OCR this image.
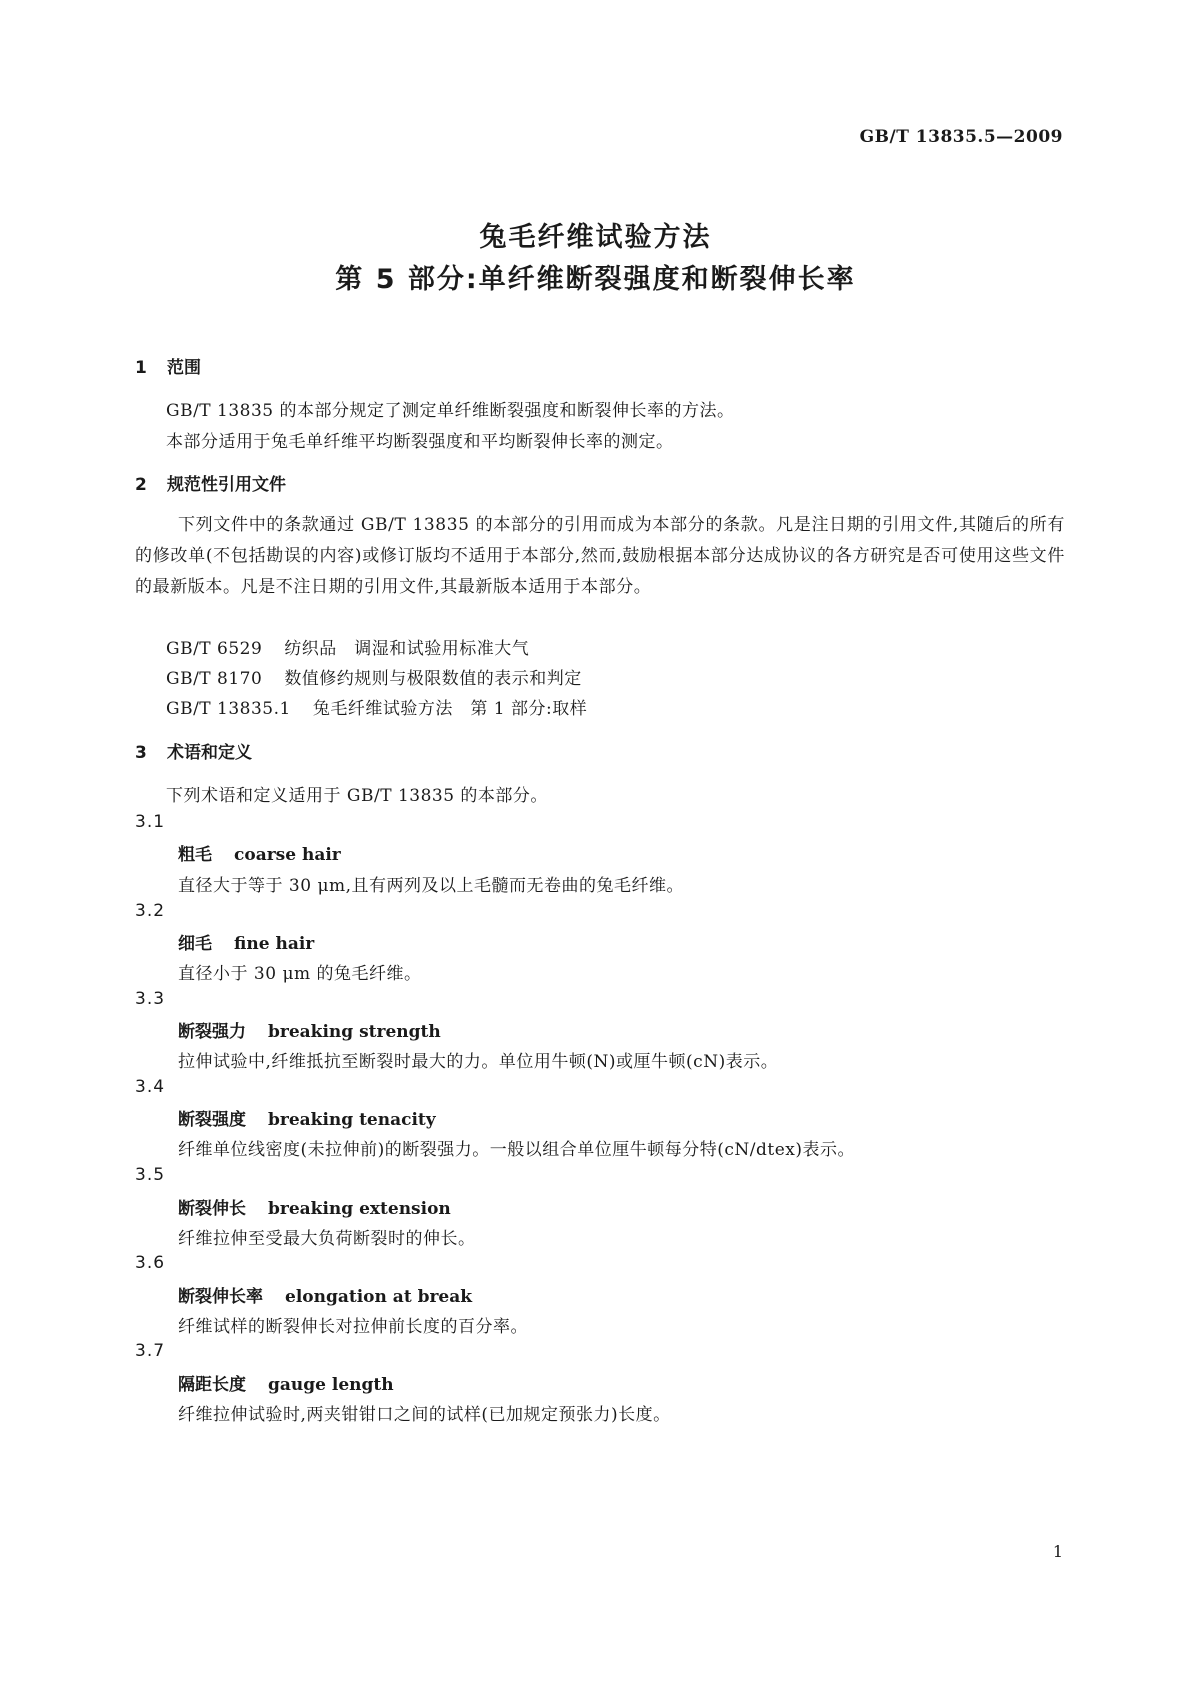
GB/T 13835.5—2009
兔毛纤维试验方法
第 5 部分:单纤维断裂强度和断裂伸长率
1 范围
GB/T 13835 的本部分规定了测定单纤维断裂强度和断裂伸长率的方法。
本部分适用于兔毛单纤维平均断裂强度和平均断裂伸长率的测定。
2 规范性引用文件

下列文件中的条款通过 GB/T 13835 的本部分的引用而成为本部分的条款。凡是注日期的引用文件,其随后的所有的修改单(不包括勘误的内容)或修订版均不适用于本部分,然而,鼓励根据本部分达成协议的各方研究是否可使用这些文件的最新版本。凡是不注日期的引用文件,其最新版本适用于本部分。

GB/T 6529 纺织品　调湿和试验用标准大气
GB/T 8170 数值修约规则与极限数值的表示和判定
GB/T 13835.1 兔毛纤维试验方法　第 1 部分:取样
3 术语和定义
下列术语和定义适用于 GB/T 13835 的本部分。
3.1
粗毛 coarse hair
直径大于等于 30 μm,且有两列及以上毛髓而无卷曲的兔毛纤维。
3.2
细毛 fine hair
直径小于 30 μm 的兔毛纤维。
3.3
断裂强力 breaking strength
拉伸试验中,纤维抵抗至断裂时最大的力。单位用牛顿(N)或厘牛顿(cN)表示。
3.4
断裂强度 breaking tenacity
纤维单位线密度(未拉伸前)的断裂强力。一般以组合单位厘牛顿每分特(cN/dtex)表示。
3.5
断裂伸长 breaking extension
纤维拉伸至受最大负荷断裂时的伸长。
3.6
断裂伸长率 elongation at break
纤维试样的断裂伸长对拉伸前长度的百分率。
3.7
隔距长度 gauge length
纤维拉伸试验时,两夹钳钳口之间的试样(已加规定预张力)长度。
1
